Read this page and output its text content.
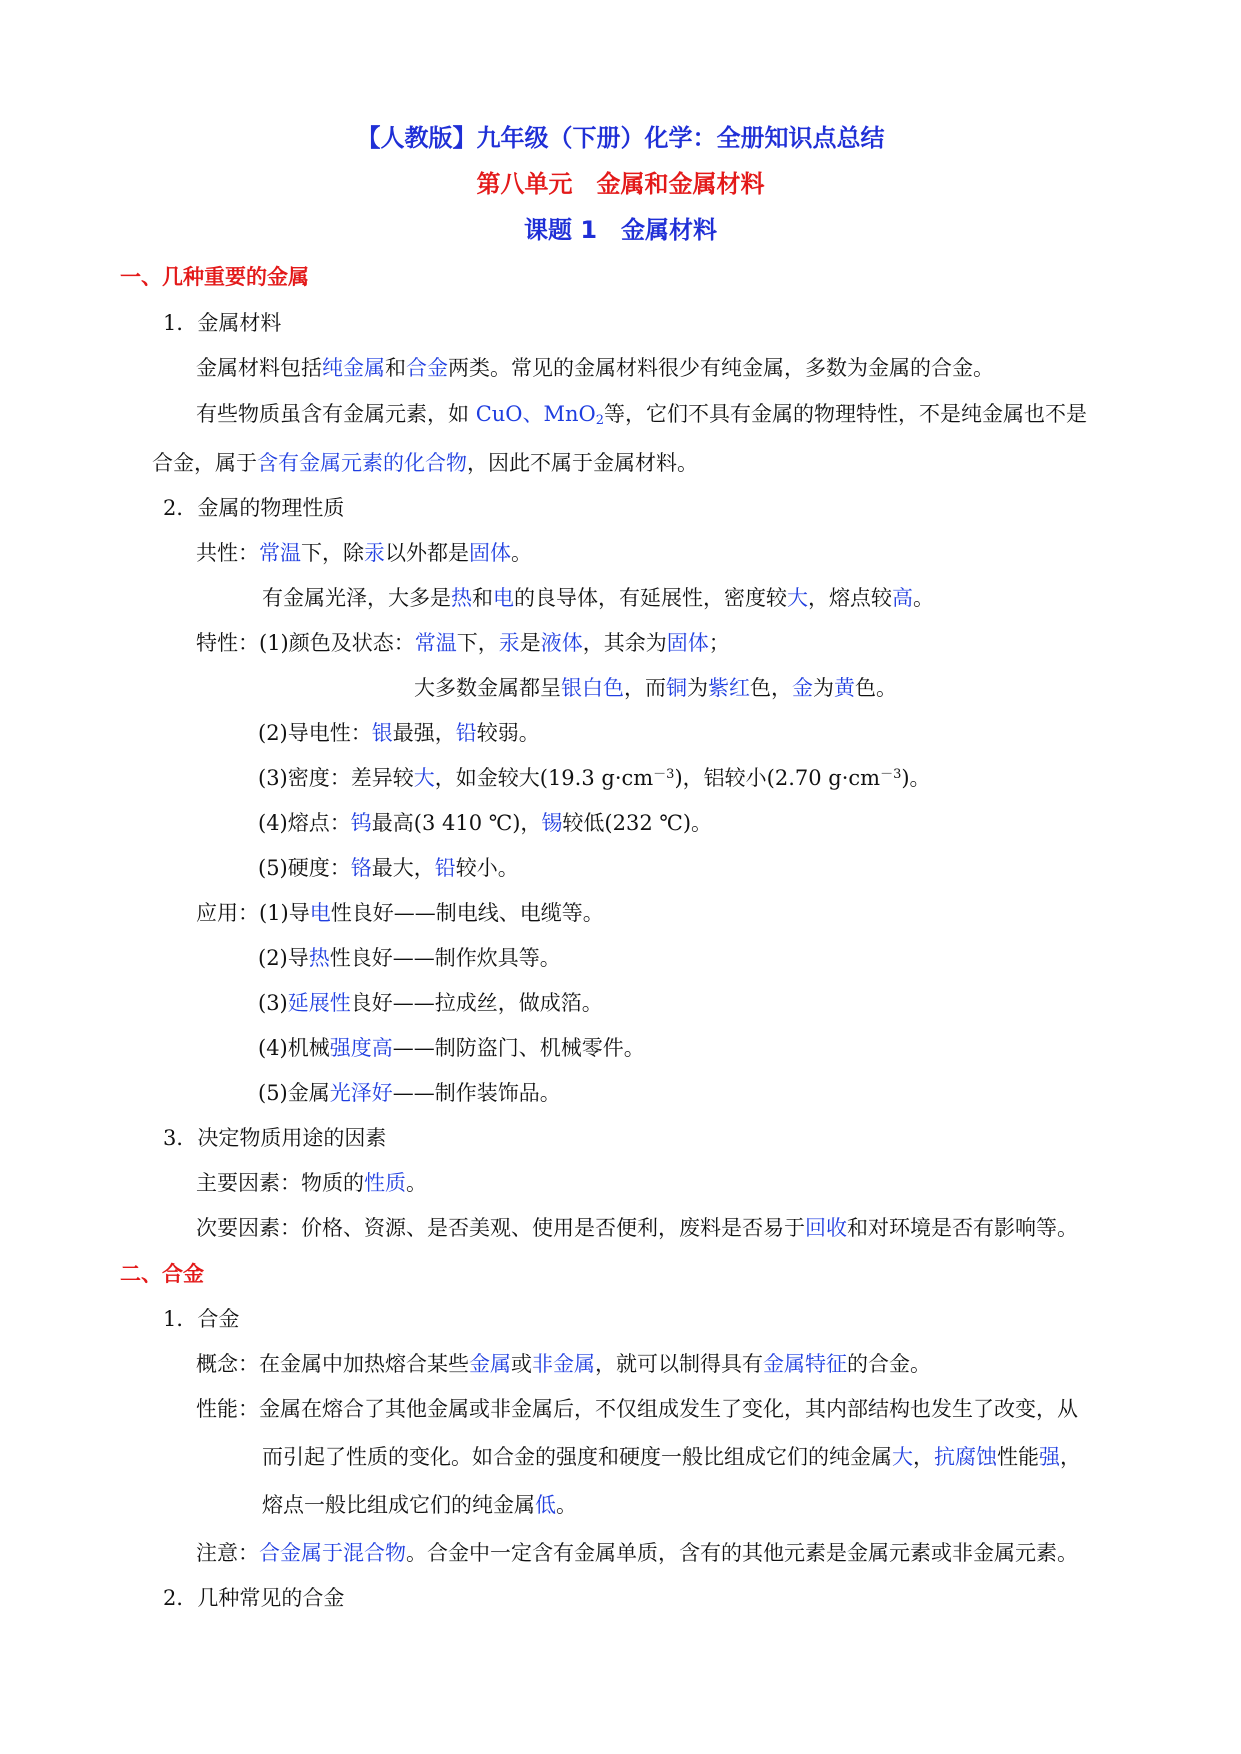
【人教版】九年级（下册）化学：全册知识点总结
第八单元　金属和金属材料
课题 1　金属材料
一、几种重要的金属
1．金属材料
金属材料包括纯金属和合金两类。常见的金属材料很少有纯金属，多数为金属的合金。
有些物质虽含有金属元素，如 CuO、MnO$_2$等，它们不具有金属的物理特性，不是纯金属也不是
合金，属于含有金属元素的化合物，因此不属于金属材料。
2．金属的物理性质
共性：常温下，除汞以外都是固体。
有金属光泽，大多是热和电的良导体，有延展性，密度较大，熔点较高。
特性：(1)颜色及状态：常温下，汞是液体，其余为固体；
大多数金属都呈银白色，而铜为紫红色，金为黄色。
(2)导电性：银最强，铅较弱。
(3)密度：差异较大，如金较大(19.3 $g\cdot cm^{-3}$)，铝较小(2.70 $g\cdot cm^{-3}$)。
(4)熔点：钨最高(3 410 ℃)，锡较低(232 ℃)。
(5)硬度：铬最大，铅较小。
应用：(1)导电性良好——制电线、电缆等。
(2)导热性良好——制作炊具等。
(3)延展性良好——拉成丝，做成箔。
(4)机械强度高——制防盗门、机械零件。
(5)金属光泽好——制作装饰品。
3．决定物质用途的因素
主要因素：物质的性质。
次要因素：价格、资源、是否美观、使用是否便利，废料是否易于回收和对环境是否有影响等。
二、合金
1．合金
概念：在金属中加热熔合某些金属或非金属，就可以制得具有金属特征的合金。
性能：金属在熔合了其他金属或非金属后，不仅组成发生了变化，其内部结构也发生了改变，从
而引起了性质的变化。如合金的强度和硬度一般比组成它们的纯金属大，抗腐蚀性能强，
熔点一般比组成它们的纯金属低。
注意：合金属于混合物。合金中一定含有金属单质，含有的其他元素是金属元素或非金属元素。
2．几种常见的合金
